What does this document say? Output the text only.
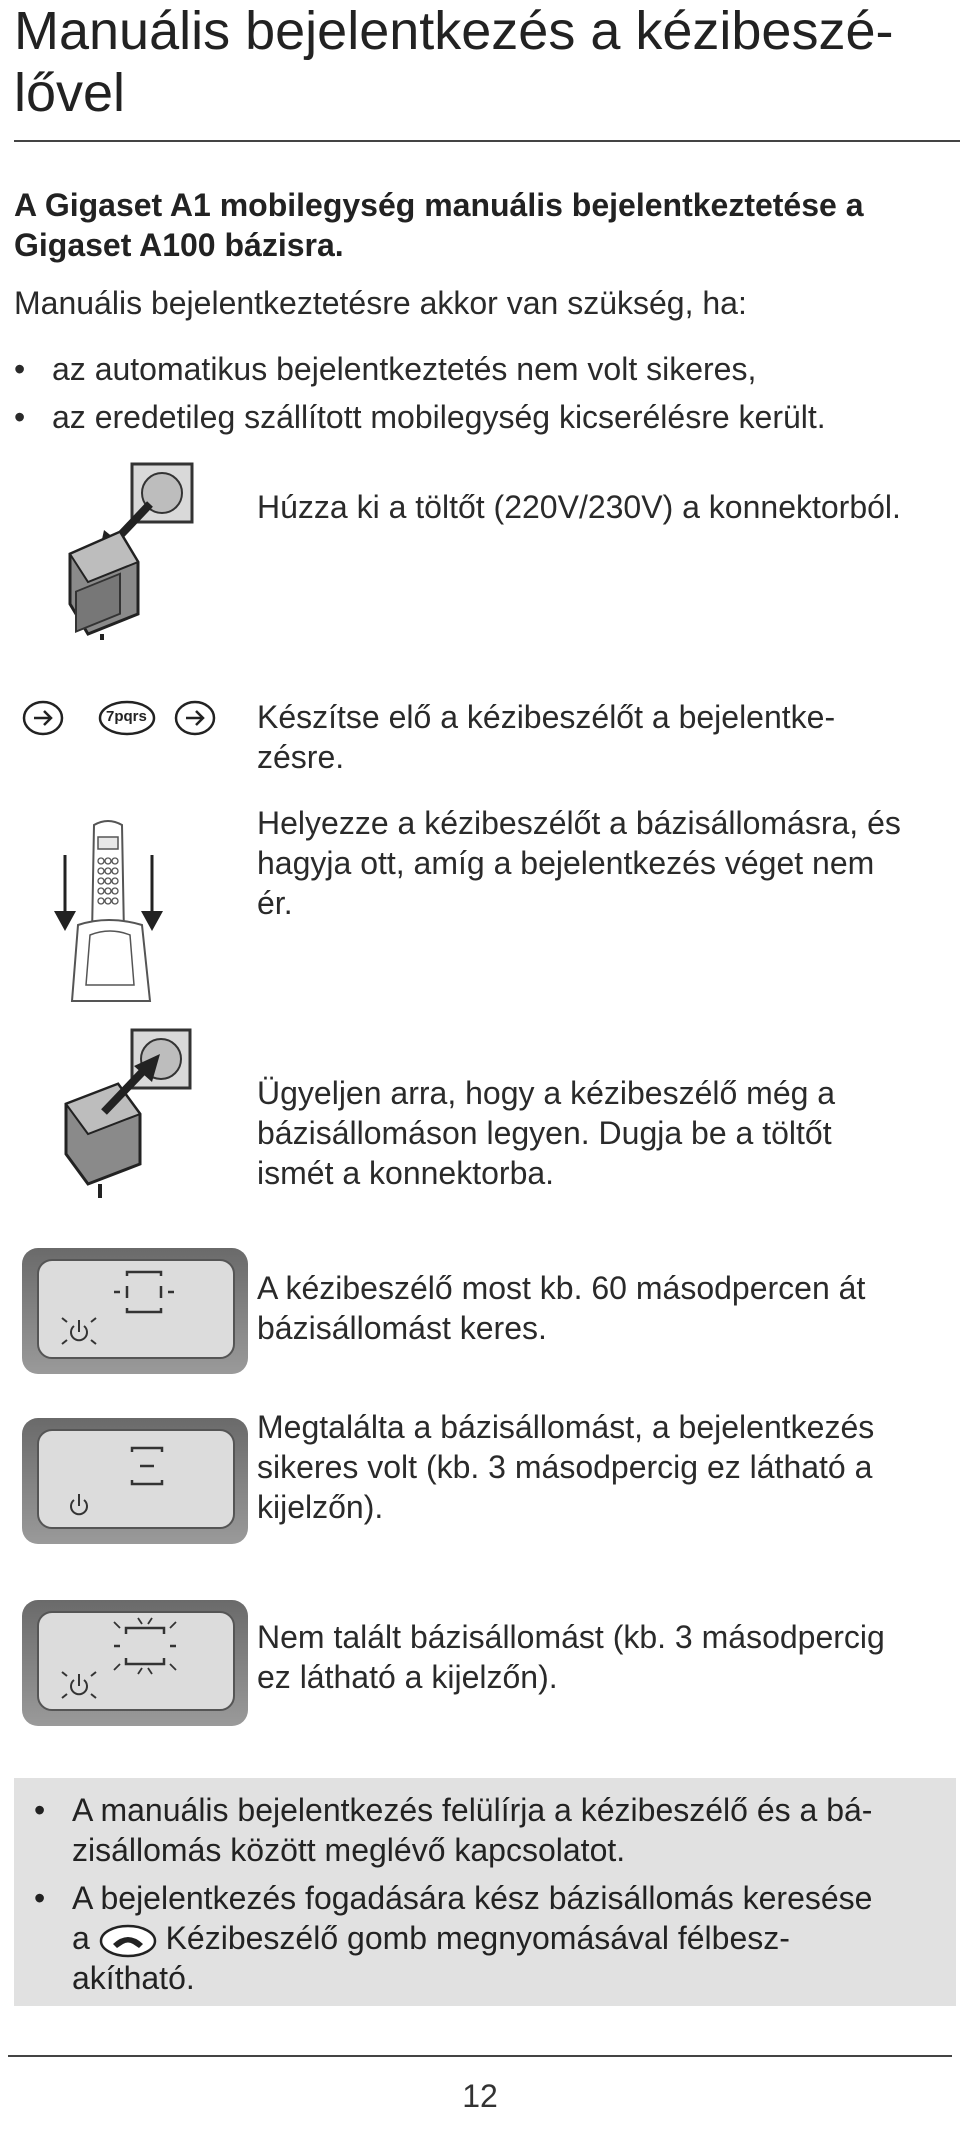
Manuális bejelentkezés a kézibeszé-
lővel

A Gigaset A1 mobilegység manuális bejelentkeztetése a Gigaset A100 bázisra.

Manuális bejelentkeztetésre akkor van szükség, ha:

• az automatikus bejelentkeztetés nem volt sikeres,
• az eredetileg szállított mobilegység kicserélésre került.

Húzza ki a töltőt (220V/230V) a konnektorból.

7pqrs	Készítse elő a kézibeszélőt a bejelentke-
zésre.

Helyezze a kézibeszélőt a bázisállomásra, és
hagyja ott, amíg a bejelentkezés véget nem
ér.

Ügyeljen arra, hogy a kézibeszélő még a
bázisállomáson legyen. Dugja be a töltőt
ismét a konnektorba.

A kézibeszélő most kb. 60 másodpercen át
bázisállomást keres.

Megtalálta a bázisállomást, a bejelentkezés
sikeres volt (kb. 3 másodpercig ez látható a
kijelzőn).

Nem talált bázisállomást (kb. 3 másodpercig
ez látható a kijelzőn).

• A manuális bejelentkezés felülírja a kézibeszélő és a bá-
zisállomás között meglévő kapcsolatot.
• A bejelentkezés fogadására kész bázisállomás keresése
a  Kézibeszélő gomb megnyomásával félbesz-
akítható.
12
